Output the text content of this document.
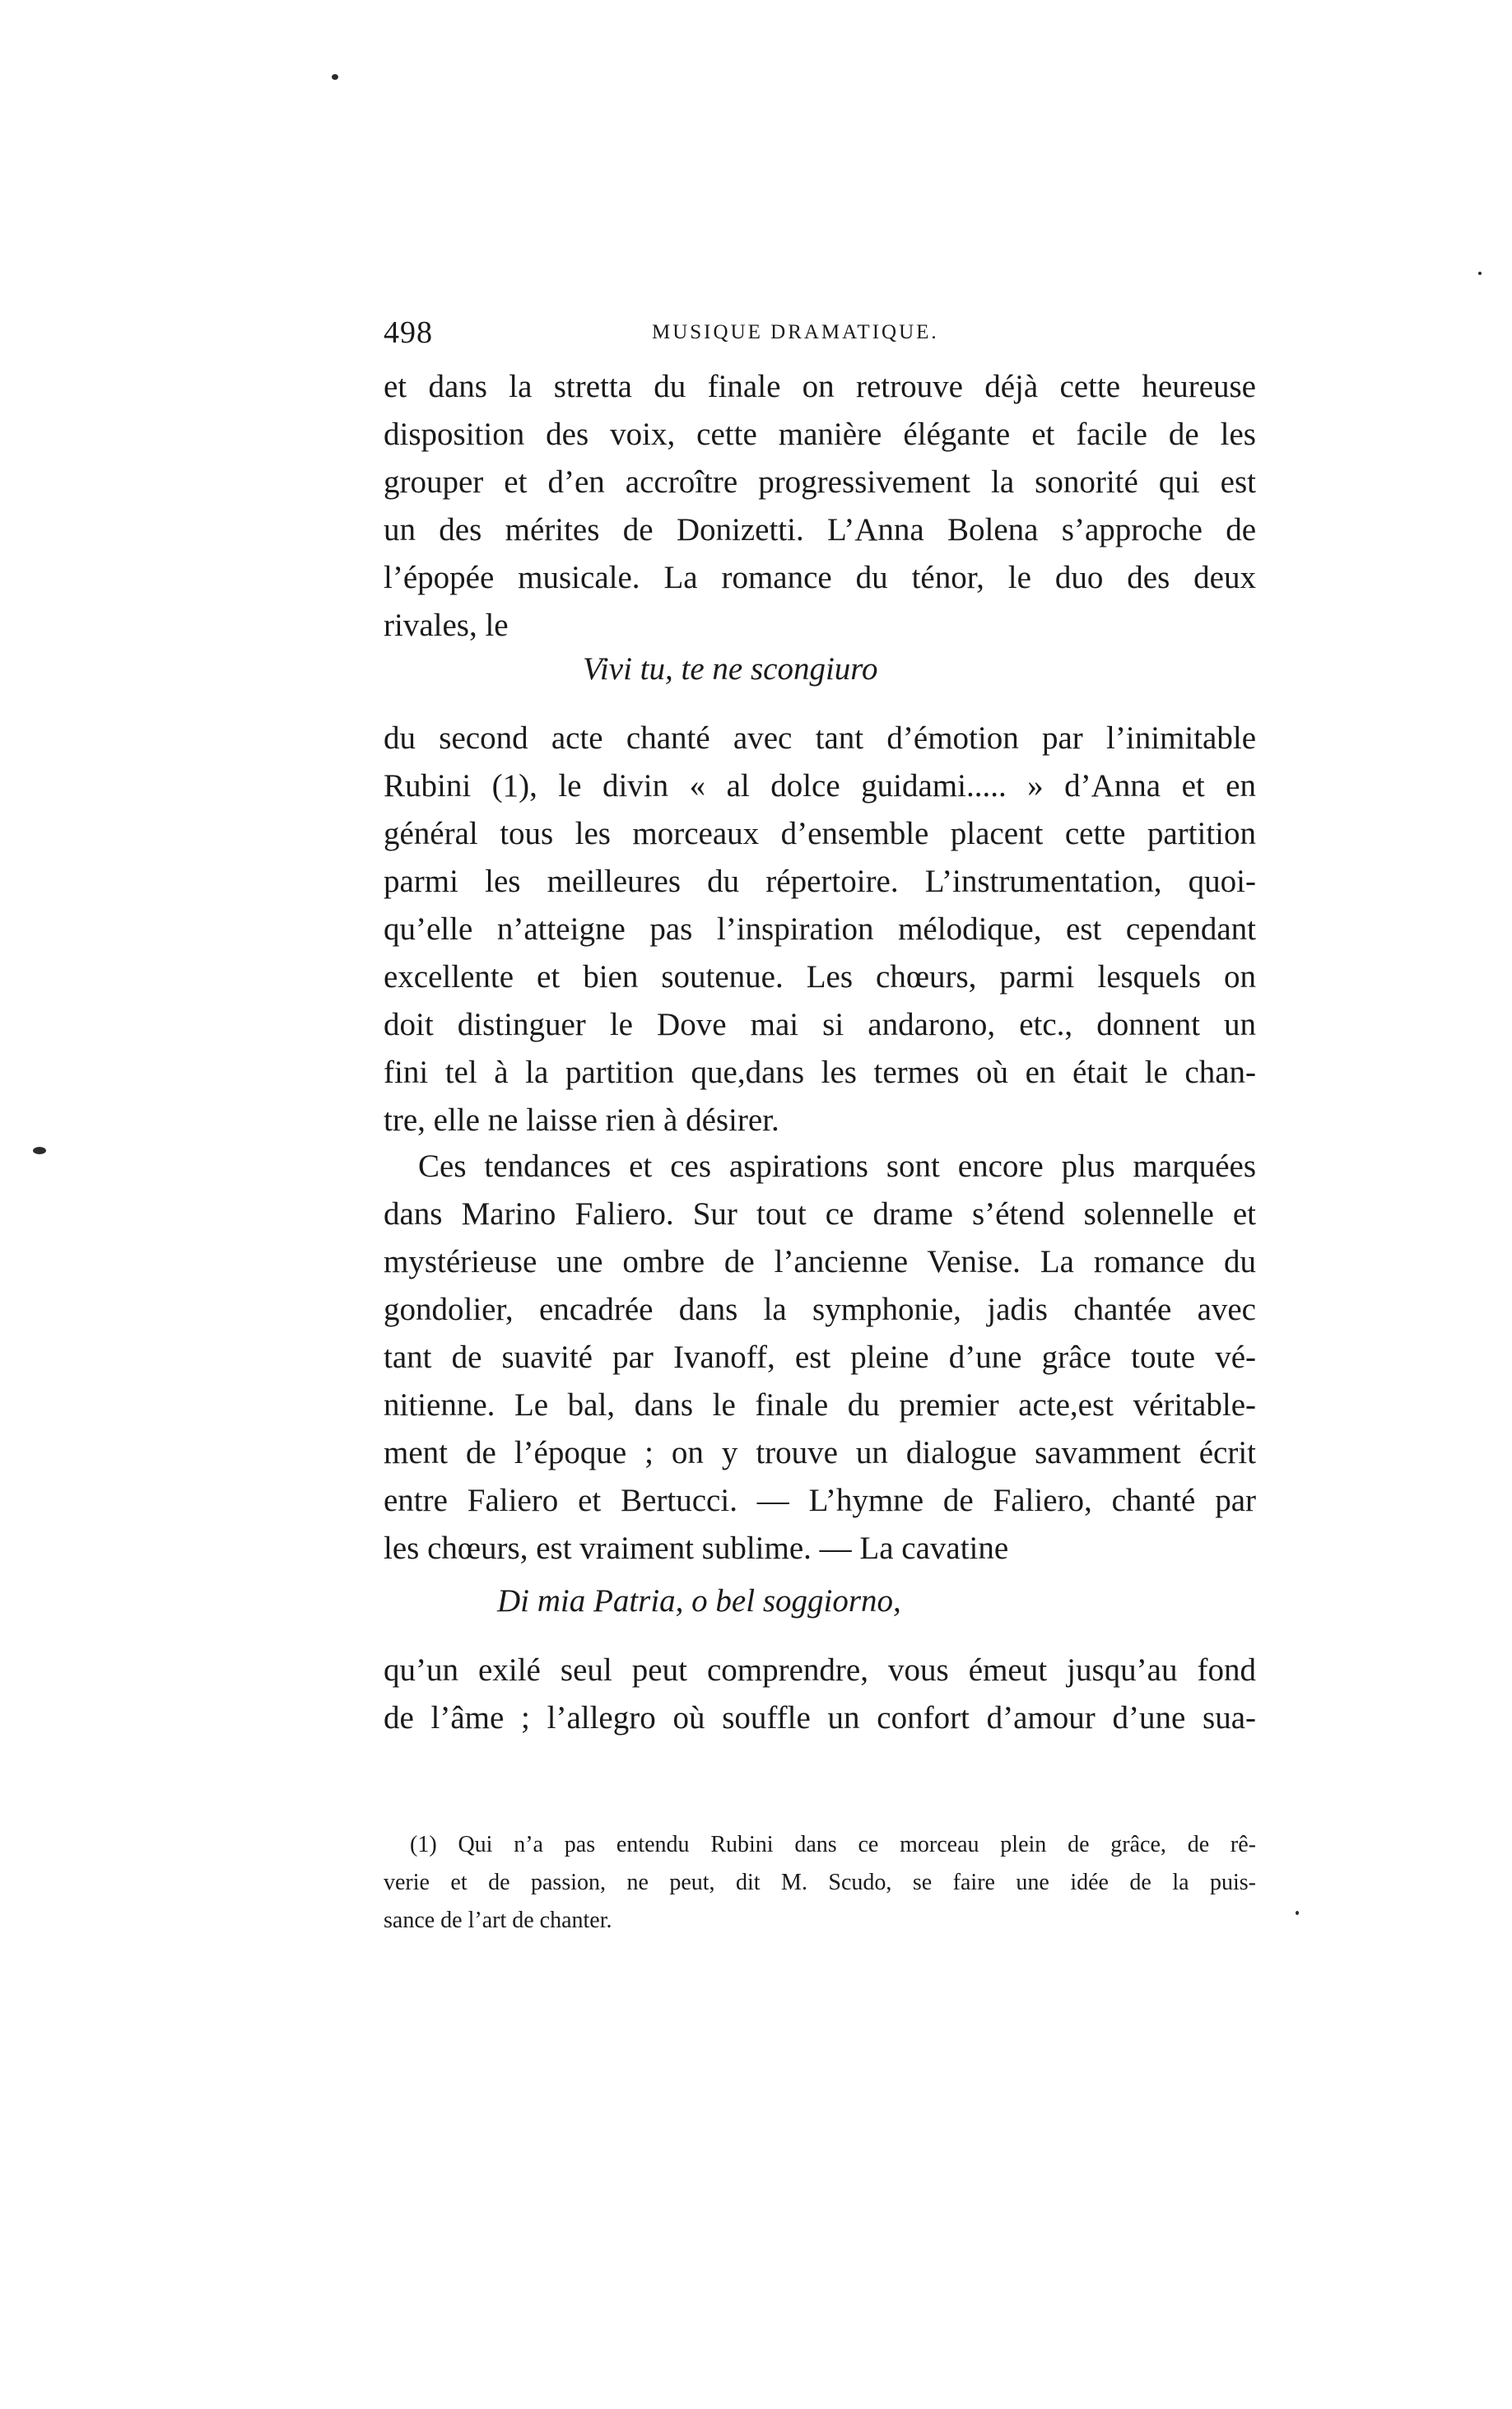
498	MUSIQUE DRAMATIQUE.
et dans la stretta du finale on retrouve déjà cette heureuse
disposition des voix, cette manière élégante et facile de les
grouper et d’en accroître progressivement la sonorité qui est
un des mérites de Donizetti. L’Anna Bolena s’approche de
l’épopée musicale. La romance du ténor, le duo des deux
rivales, le
Vivi tu, te ne scongiuro
du second acte chanté avec tant d’émotion par l’inimitable
Rubini (1), le divin « al dolce guidami..... » d’Anna et en
général tous les morceaux d’ensemble placent cette partition
parmi les meilleures du répertoire. L’instrumentation, quoi-
qu’elle n’atteigne pas l’inspiration mélodique, est cependant
excellente et bien soutenue. Les chœurs, parmi lesquels on
doit distinguer le Dove mai si andarono, etc., donnent un
fini tel à la partition que,dans les termes où en était le chan-
tre, elle ne laisse rien à désirer.
Ces tendances et ces aspirations sont encore plus marquées
dans Marino Faliero. Sur tout ce drame s’étend solennelle et
mystérieuse une ombre de l’ancienne Venise. La romance du
gondolier, encadrée dans la symphonie, jadis chantée avec
tant de suavité par Ivanoff, est pleine d’une grâce toute vé-
nitienne. Le bal, dans le finale du premier acte,est véritable-
ment de l’époque ; on y trouve un dialogue savamment écrit
entre Faliero et Bertucci. — L’hymne de Faliero, chanté par
les chœurs, est vraiment sublime. — La cavatine
Di mia Patria, o bel soggiorno,
qu’un exilé seul peut comprendre, vous émeut jusqu’au fond
de l’âme ; l’allegro où souffle un confort d’amour d’une sua-
(1) Qui n’a pas entendu Rubini dans ce morceau plein de grâce, de rê-
verie et de passion, ne peut, dit M. Scudo, se faire une idée de la puis-
sance de l’art de chanter.
